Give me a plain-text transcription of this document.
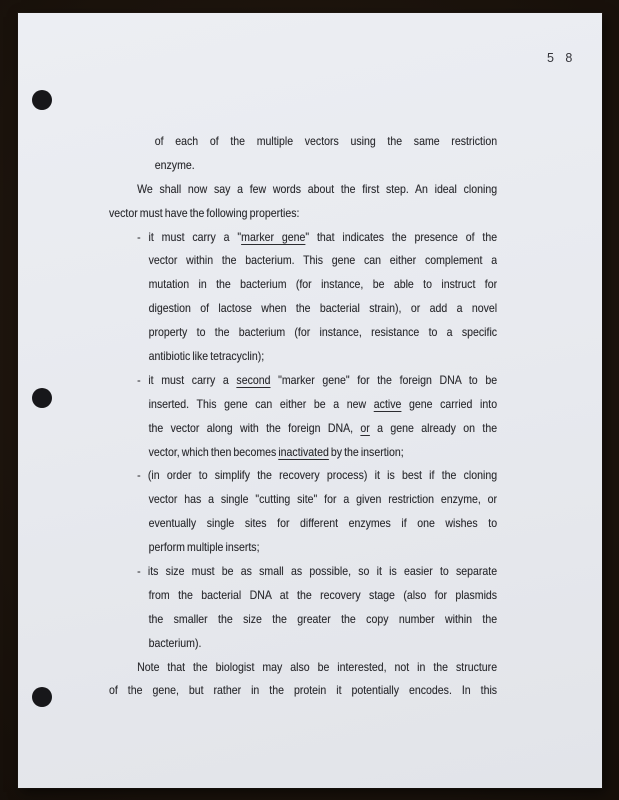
5 8
of each of the multiple vectors using the same restriction
enzyme.
We shall now say a few words about the first step. An ideal cloning
vector must have the following properties:
- it must carry a "marker gene" that indicates the presence of the
vector within the bacterium. This gene can either complement a
mutation in the bacterium (for instance, be able to instruct for
digestion of lactose when the bacterial strain), or add a novel
property to the bacterium (for instance, resistance to a specific
antibiotic like tetracyclin);
- it must carry a second "marker gene" for the foreign DNA to be
inserted. This gene can either be a new active gene carried into
the vector along with the foreign DNA, or a gene already on the
vector, which then becomes inactivated by the insertion;
- (in order to simplify the recovery process) it is best if the cloning
vector has a single "cutting site" for a given restriction enzyme, or
eventually single sites for different enzymes if one wishes to
perform multiple inserts;
- its size must be as small as possible, so it is easier to separate
from the bacterial DNA at the recovery stage (also for plasmids
the smaller the size the greater the copy number within the
bacterium).
Note that the biologist may also be interested, not in the structure
of the gene, but rather in the protein it potentially encodes. In this
